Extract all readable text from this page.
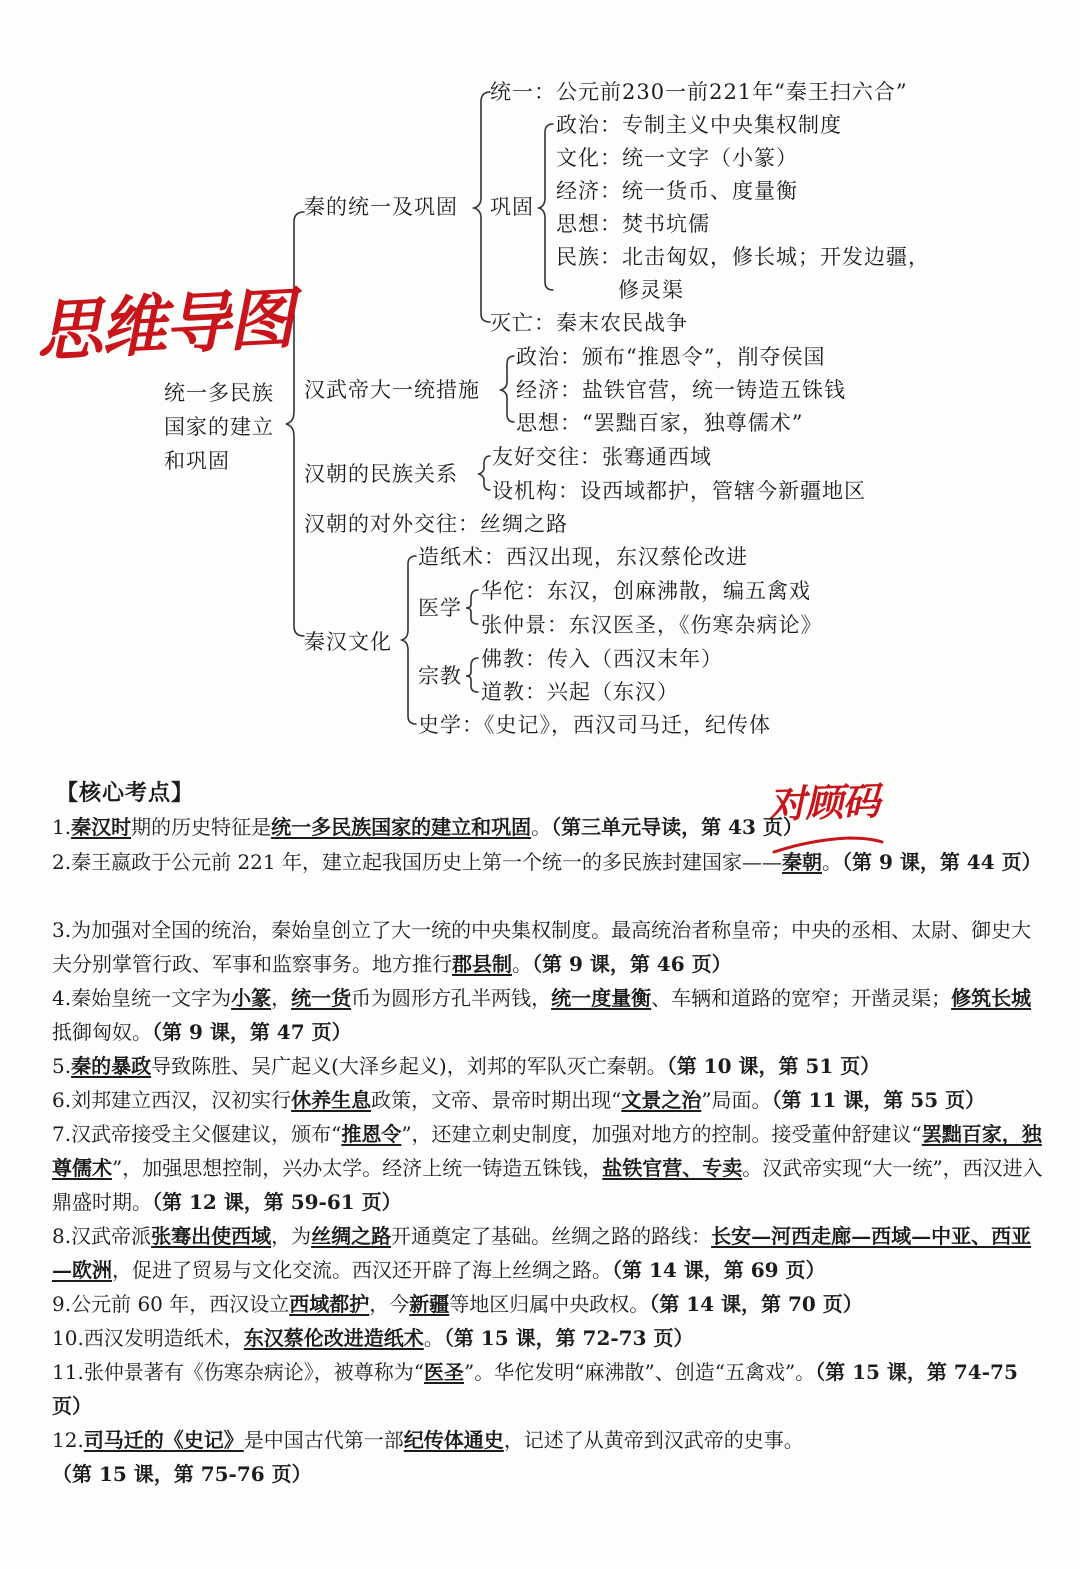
统一多民族
国家的建立
和巩固
秦的统一及巩固
统一：公元前230一前221年“秦王扫六合”
巩固
政治：专制主义中央集权制度
文化：统一文字（小篆）
经济：统一货币、度量衡
思想：焚书坑儒
民族：北击匈奴，修长城；开发边疆，
修灵渠
灭亡：秦末农民战争
汉武帝大一统措施
政治：颁布“推恩令”，削夺侯国
经济：盐铁官营，统一铸造五铢钱
思想：“罢黜百家，独尊儒术”
汉朝的民族关系
友好交往：张骞通西域
设机构：设西域都护，管辖今新疆地区
汉朝的对外交往：丝绸之路
秦汉文化
造纸术：西汉出现，东汉蔡伦改进
医学
华佗：东汉，创麻沸散，编五禽戏
张仲景：东汉医圣，《伤寒杂病论》
宗教
佛教：传入（西汉末年）
道教：兴起（东汉）
史学：《史记》，西汉司马迁，纪传体
思维导图
对顾码
【核心考点】
1.秦汉时期的历史特征是统一多民族国家的建立和巩固。（第三单元导读，第 43 页）
2.秦王嬴政于公元前 221 年，建立起我国历史上第一个统一的多民族封建国家——秦朝。（第 9 课，第 44 页）
3.为加强对全国的统治，秦始皇创立了大一统的中央集权制度。最高统治者称皇帝；中央的丞相、太尉、御史大夫分别掌管行政、军事和监察事务。地方推行郡县制。（第 9 课，第 46 页）
4.秦始皇统一文字为小篆，统一货币为圆形方孔半两钱，统一度量衡、车辆和道路的宽窄；开凿灵渠；修筑长城抵御匈奴。（第 9 课，第 47 页）
5.秦的暴政导致陈胜、吴广起义(大泽乡起义)，刘邦的军队灭亡秦朝。（第 10 课，第 51 页）
6.刘邦建立西汉，汉初实行休养生息政策，文帝、景帝时期出现“文景之治”局面。（第 11 课，第 55 页）
7.汉武帝接受主父偃建议，颁布“推恩令”，还建立刺史制度，加强对地方的控制。接受董仲舒建议“罢黜百家，独尊儒术”，加强思想控制，兴办太学。经济上统一铸造五铢钱，盐铁官营、专卖。汉武帝实现“大一统”，西汉进入鼎盛时期。（第 12 课，第 59-61 页）
8.汉武帝派张骞出使西域，为丝绸之路开通奠定了基础。丝绸之路的路线：长安—河西走廊—西域—中亚、西亚—欧洲，促进了贸易与文化交流。西汉还开辟了海上丝绸之路。（第 14 课，第 69 页）
9.公元前 60 年，西汉设立西域都护，今新疆等地区归属中央政权。（第 14 课，第 70 页）
10.西汉发明造纸术，东汉蔡伦改进造纸术。（第 15 课，第 72-73 页）
11.张仲景著有《伤寒杂病论》，被尊称为“医圣”。华佗发明“麻沸散”、创造“五禽戏”。（第 15 课，第 74-75 页）
12.司马迁的《史记》是中国古代第一部纪传体通史，记述了从黄帝到汉武帝的史事。（第 15 课，第 75-76 页）
